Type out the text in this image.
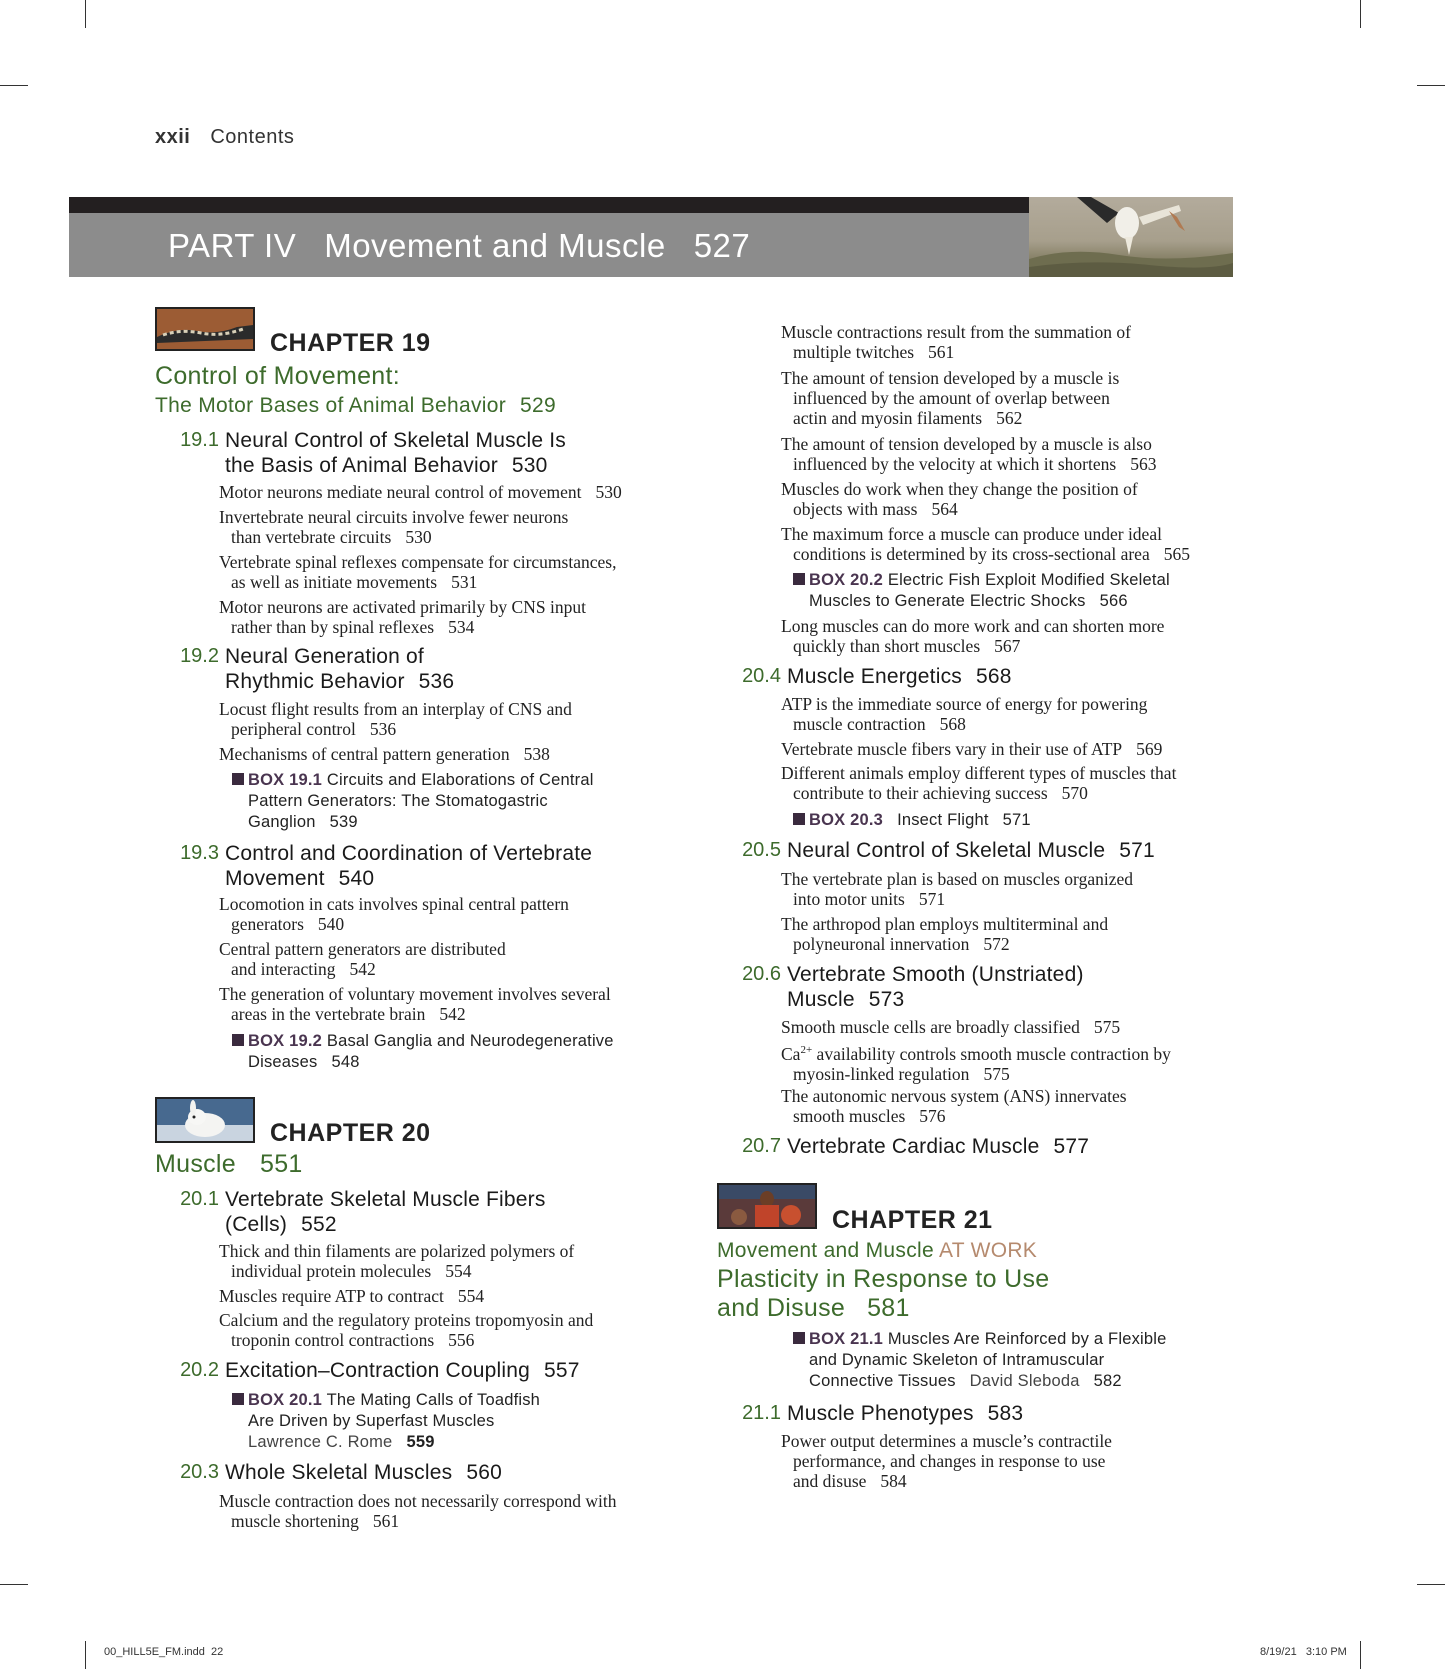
xxii Contents
PART IV Movement and Muscle 527
CHAPTER 19
Control of Movement:
The Motor Bases of Animal Behavior 529
19.1 Neural Control of Skeletal Muscle Is
the Basis of Animal Behavior 530
Motor neurons mediate neural control of movement 530
Invertebrate neural circuits involve fewer neurons
than vertebrate circuits 530
Vertebrate spinal reflexes compensate for circumstances,
as well as initiate movements 531
Motor neurons are activated primarily by CNS input
rather than by spinal reflexes 534
19.2 Neural Generation of
Rhythmic Behavior 536
Locust flight results from an interplay of CNS and
peripheral control 536
Mechanisms of central pattern generation 538
BOX 19.1 Circuits and Elaborations of Central
Pattern Generators: The Stomatogastric
Ganglion 539
19.3 Control and Coordination of Vertebrate
Movement 540
Locomotion in cats involves spinal central pattern
generators 540
Central pattern generators are distributed
and interacting 542
The generation of voluntary movement involves several
areas in the vertebrate brain 542
BOX 19.2 Basal Ganglia and Neurodegenerative
Diseases 548
CHAPTER 20
Muscle 551
20.1 Vertebrate Skeletal Muscle Fibers
(Cells) 552
Thick and thin filaments are polarized polymers of
individual protein molecules 554
Muscles require ATP to contract 554
Calcium and the regulatory proteins tropomyosin and
troponin control contractions 556
20.2 Excitation–Contraction Coupling 557
BOX 20.1 The Mating Calls of Toadfish
Are Driven by Superfast Muscles
Lawrence C. Rome 559
20.3 Whole Skeletal Muscles 560
Muscle contraction does not necessarily correspond with
muscle shortening 561
Muscle contractions result from the summation of
multiple twitches 561
The amount of tension developed by a muscle is
influenced by the amount of overlap between
actin and myosin filaments 562
The amount of tension developed by a muscle is also
influenced by the velocity at which it shortens 563
Muscles do work when they change the position of
objects with mass 564
The maximum force a muscle can produce under ideal
conditions is determined by its cross-sectional area 565
BOX 20.2 Electric Fish Exploit Modified Skeletal
Muscles to Generate Electric Shocks 566
Long muscles can do more work and can shorten more
quickly than short muscles 567
20.4 Muscle Energetics 568
ATP is the immediate source of energy for powering
muscle contraction 568
Vertebrate muscle fibers vary in their use of ATP 569
Different animals employ different types of muscles that
contribute to their achieving success 570
BOX 20.3 Insect Flight 571
20.5 Neural Control of Skeletal Muscle 571
The vertebrate plan is based on muscles organized
into motor units 571
The arthropod plan employs multiterminal and
polyneuronal innervation 572
20.6 Vertebrate Smooth (Unstriated)
Muscle 573
Smooth muscle cells are broadly classified 575
$Ca^{2+}$ availability controls smooth muscle contraction by
myosin-linked regulation 575
The autonomic nervous system (ANS) innervates
smooth muscles 576
20.7 Vertebrate Cardiac Muscle 577
CHAPTER 21
Movement and Muscle AT WORK
Plasticity in Response to Use
and Disuse 581
BOX 21.1 Muscles Are Reinforced by a Flexible
and Dynamic Skeleton of Intramuscular
Connective Tissues David Sleboda 582
21.1 Muscle Phenotypes 583
Power output determines a muscle’s contractile
performance, and changes in response to use
and disuse 584
00_HILL5E_FM.indd  22	8/19/21   3:10 PM
